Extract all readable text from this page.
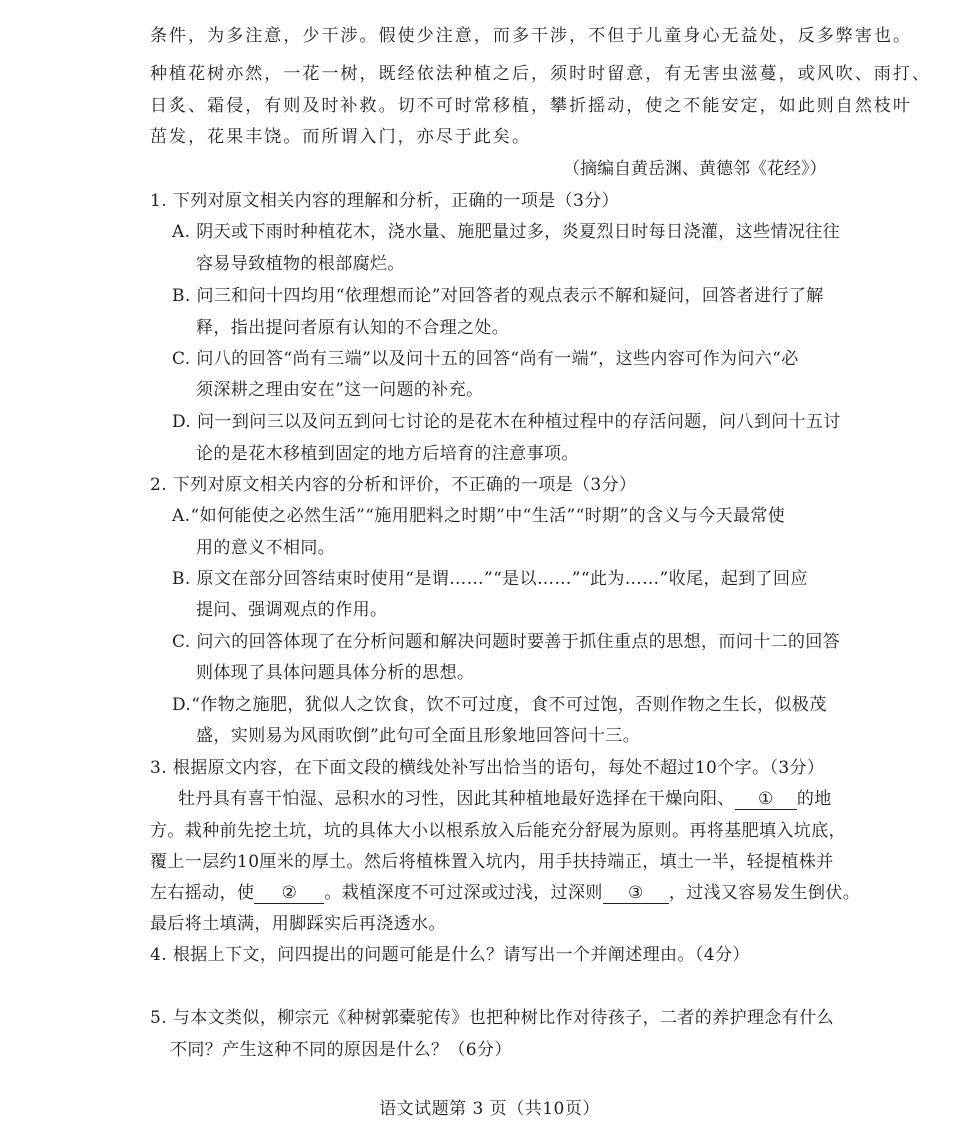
条件，为多注意，少干涉。假使少注意，而多干涉，不但于儿童身心无益处，反多弊害也。
种植花树亦然，一花一树，既经依法种植之后，须时时留意，有无害虫滋蔓，或风吹、雨打、
日炙、霜侵，有则及时补救。切不可时常移植，攀折摇动，使之不能安定，如此则自然枝叶
茁发，花果丰饶。而所谓入门，亦尽于此矣。
（摘编自黄岳渊、黄德邻《花经》）
1. 下列对原文相关内容的理解和分析，正确的一项是（3分）
A. 阴天或下雨时种植花木，浇水量、施肥量过多，炎夏烈日时每日浇灌，这些情况往往
容易导致植物的根部腐烂。
B. 问三和问十四均用“依理想而论”对回答者的观点表示不解和疑问，回答者进行了解
释，指出提问者原有认知的不合理之处。
C. 问八的回答“尚有三端”以及问十五的回答“尚有一端”，这些内容可作为问六“必
须深耕之理由安在”这一问题的补充。
D. 问一到问三以及问五到问七讨论的是花木在种植过程中的存活问题，问八到问十五讨
论的是花木移植到固定的地方后培育的注意事项。
2. 下列对原文相关内容的分析和评价，不正确的一项是（3分）
A.“如何能使之必然生活”“施用肥料之时期”中“生活”“时期”的含义与今天最常使
用的意义不相同。
B. 原文在部分回答结束时使用“是谓……”“是以……”“此为……”收尾，起到了回应
提问、强调观点的作用。
C. 问六的回答体现了在分析问题和解决问题时要善于抓住重点的思想，而问十二的回答
则体现了具体问题具体分析的思想。
D.“作物之施肥，犹似人之饮食，饮不可过度，食不可过饱，否则作物之生长，似极茂
盛，实则易为风雨吹倒”此句可全面且形象地回答问十三。
3. 根据原文内容，在下面文段的横线处补写出恰当的语句，每处不超过10个字。（3分）
牡丹具有喜干怕湿、忌积水的习性，因此其种植地最好选择在干燥向阳、 ① 的地
方。栽种前先挖土坑，坑的具体大小以根系放入后能充分舒展为原则。再将基肥填入坑底，
覆上一层约10厘米的厚土。然后将植株置入坑内，用手扶持端正，填土一半，轻提植株并
左右摇动，使 ② 。栽植深度不可过深或过浅，过深则 ③ ，过浅又容易发生倒伏。
最后将土填满，用脚踩实后再浇透水。
4. 根据上下文，问四提出的问题可能是什么？请写出一个并阐述理由。（4分）
5. 与本文类似，柳宗元《种树郭橐驼传》也把种树比作对待孩子，二者的养护理念有什么
不同？产生这种不同的原因是什么？（6分）
语文试题第 3 页（共10页）
